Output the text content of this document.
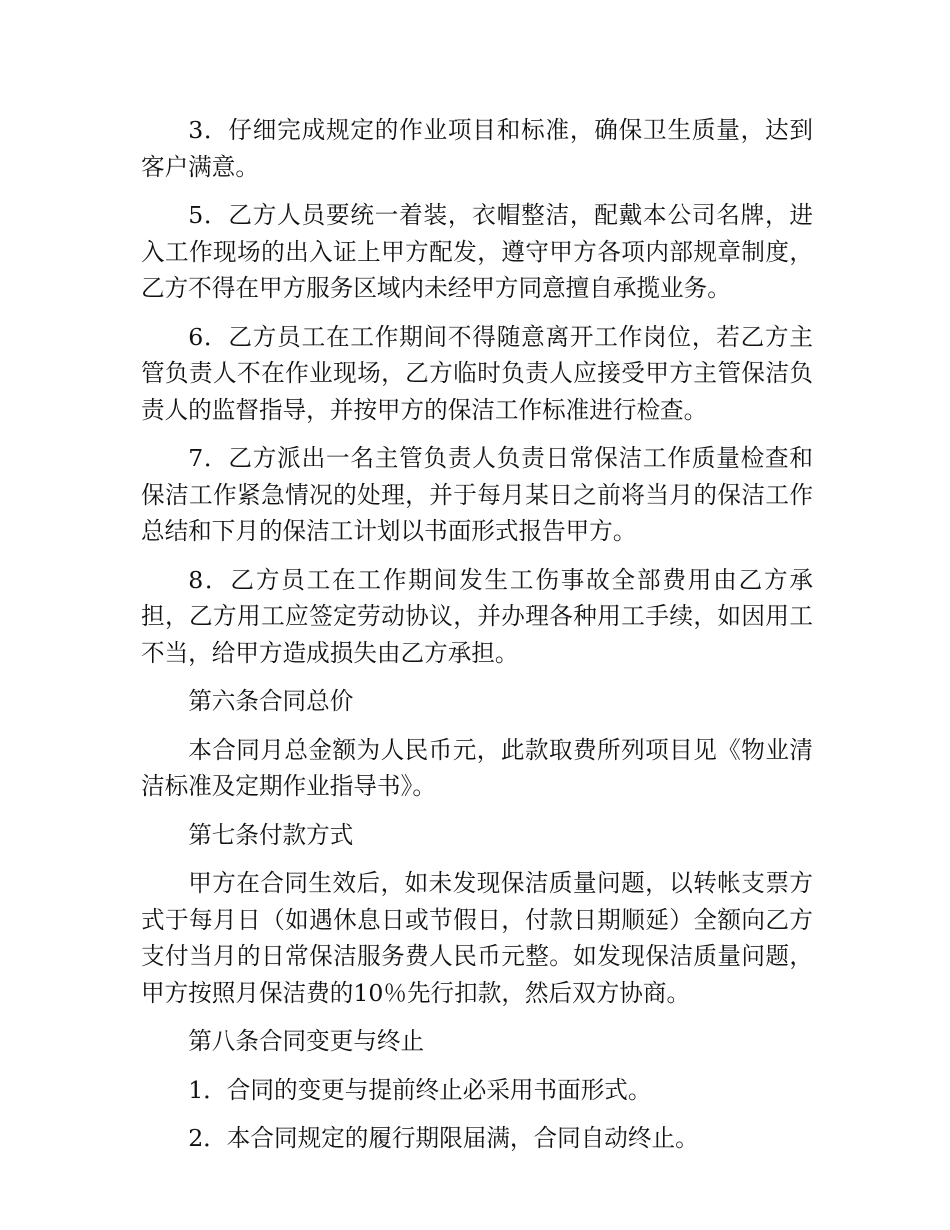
3．仔细完成规定的作业项目和标准，确保卫生质量，达到客户满意。

5．乙方人员要统一着装，衣帽整洁，配戴本公司名牌，进入工作现场的出入证上甲方配发，遵守甲方各项内部规章制度，乙方不得在甲方服务区域内未经甲方同意擅自承揽业务。

6．乙方员工在工作期间不得随意离开工作岗位，若乙方主管负责人不在作业现场，乙方临时负责人应接受甲方主管保洁负责人的监督指导，并按甲方的保洁工作标准进行检查。

7．乙方派出一名主管负责人负责日常保洁工作质量检查和保洁工作紧急情况的处理，并于每月某日之前将当月的保洁工作总结和下月的保洁工计划以书面形式报告甲方。

8．乙方员工在工作期间发生工伤事故全部费用由乙方承担，乙方用工应签定劳动协议，并办理各种用工手续，如因用工不当，给甲方造成损失由乙方承担。

第六条合同总价

本合同月总金额为人民币元，此款取费所列项目见《物业清洁标准及定期作业指导书》。

第七条付款方式

甲方在合同生效后，如未发现保洁质量问题，以转帐支票方式于每月日（如遇休息日或节假日，付款日期顺延）全额向乙方支付当月的日常保洁服务费人民币元整。如发现保洁质量问题，甲方按照月保洁费的10％先行扣款，然后双方协商。

第八条合同变更与终止

1．合同的变更与提前终止必采用书面形式。

2．本合同规定的履行期限届满，合同自动终止。
